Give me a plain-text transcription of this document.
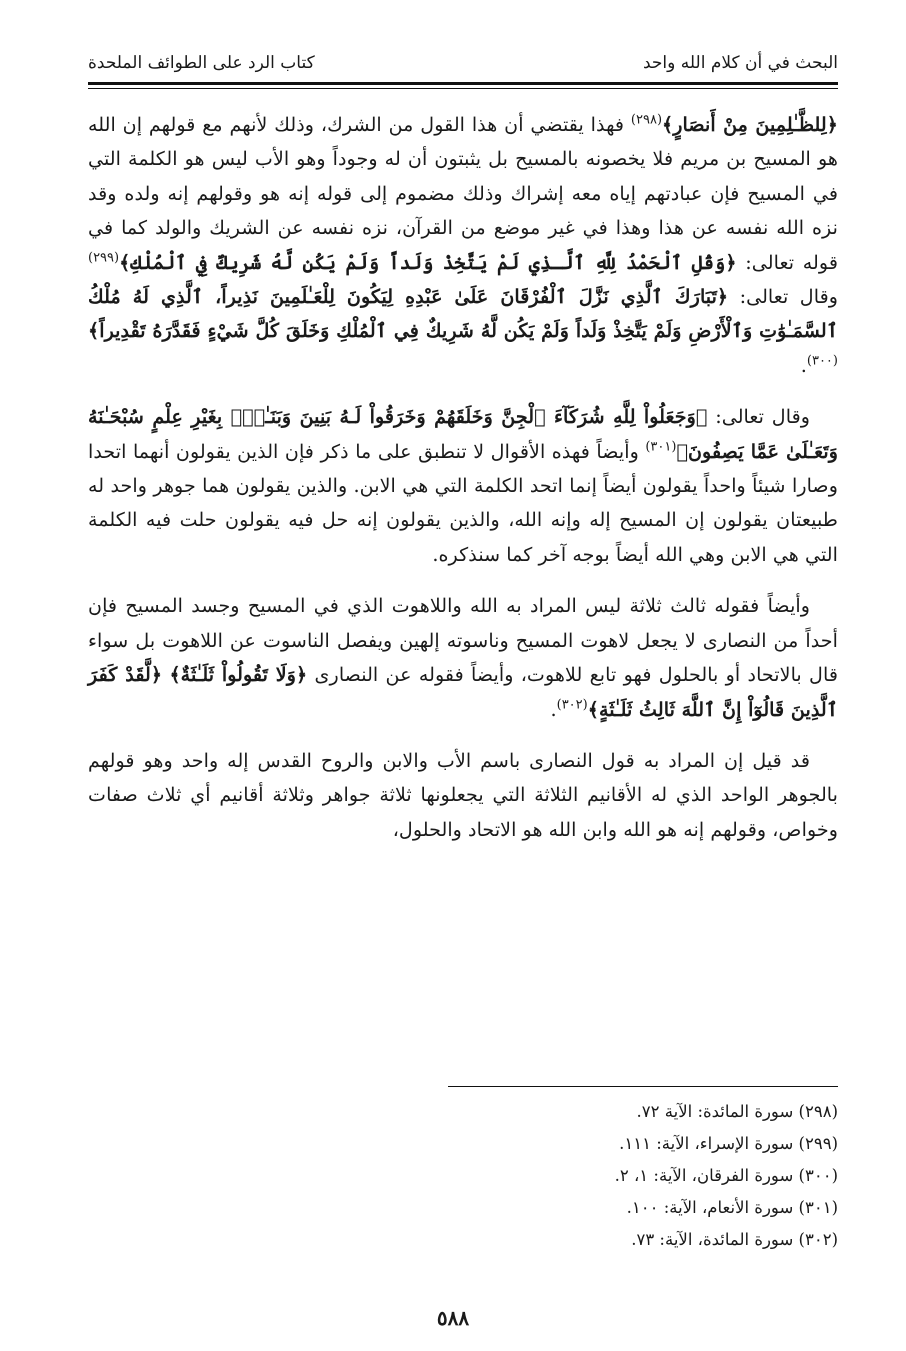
البحث في أن كلام الله واحد
كتاب الرد على الطوائف الملحدة

﴿لِلظَّـٰلِمِينَ مِنْ أَنصَارٍ﴾$^{(٢٩٨)}$ فهذا يقتضي أن هذا القول من الشرك، وذلك لأنهم مع قولهم إن الله هو المسيح بن مريم فلا يخصونه بالمسيح بل يثبتون أن له وجوداً وهو الأب ليس هو الكلمة التي في المسيح فإن عبادتهم إياه معه إشراك وذلك مضموم إلى قوله إنه هو وقولهم إنه ولده وقد نزه الله نفسه عن هذا وهذا في غير موضع من القرآن، نزه نفسه عن الشريك والولد كما في قوله تعالى: ﴿وَقُلِ ٱلْحَمْدُ لِلَّهِ ٱلَّـذِي لَمْ يَتَّخِذْ وَلَداً وَلَمْ يَكُن لَّهُ شَرِيكٌ فِي ٱلْمُلْكِ﴾$^{(٢٩٩)}$ وقال تعالى: ﴿تَبَارَكَ ٱلَّذِي نَزَّلَ ٱلْفُرْقَانَ عَلَىٰ عَبْدِهِ لِيَكُونَ لِلْعَـٰلَمِينَ نَذِيراً، ٱلَّذِي لَهُ مُلْكُ ٱلسَّمَـٰوَٰتِ وَٱلْأَرْضِ وَلَمْ يَتَّخِذْ وَلَداً وَلَمْ يَكُن لَّهُ شَرِيكٌ فِي ٱلْمُلْكِ وَخَلَقَ كُلَّ شَيْءٍ فَقَدَّرَهُ تَقْدِيراً﴾$^{(٣٠٠)}$.

وقال تعالى: ﴿وَجَعَلُواْ لِلَّهِ شُرَكَآءَ ٱلْجِنَّ وَخَلَقَهُمْ وَخَرَقُواْ لَـهُ بَنِينَ وَبَنَـٰتٍۭ بِغَيْرِ عِلْمٍ سُبْحَـٰنَهُ وَتَعَـٰلَىٰ عَمَّا يَصِفُونَ﴾$^{(٣٠١)}$ وأيضاً فهذه الأقوال لا تنطبق على ما ذكر فإن الذين يقولون أنهما اتحدا وصارا شيئاً واحداً يقولون أيضاً إنما اتحد الكلمة التي هي الابن. والذين يقولون هما جوهر واحد له طبيعتان يقولون إن المسيح إله وإنه الله، والذين يقولون إنه حل فيه يقولون حلت فيه الكلمة التي هي الابن وهي الله أيضاً بوجه آخر كما سنذكره.

وأيضاً فقوله ثالث ثلاثة ليس المراد به الله واللاهوت الذي في المسيح وجسد المسيح فإن أحداً من النصارى لا يجعل لاهوت المسيح وناسوته إلهين ويفصل الناسوت عن اللاهوت بل سواء قال بالاتحاد أو بالحلول فهو تابع للاهوت، وأيضاً فقوله عن النصارى ﴿وَلَا تَقُولُواْ ثَلَـٰثَةٌ﴾ ﴿لَّقَدْ كَفَرَ ٱلَّذِينَ قَالُوٓاْ إِنَّ ٱللَّهَ ثَالِثُ ثَلَـٰثَةٍ﴾$^{(٣٠٢)}$.

قد قيل إن المراد به قول النصارى باسم الأب والابن والروح القدس إله واحد وهو قولهم بالجوهر الواحد الذي له الأقانيم الثلاثة التي يجعلونها ثلاثة جواهر وثلاثة أقانيم أي ثلاث صفات وخواص، وقولهم إنه هو الله وابن الله هو الاتحاد والحلول،

(٢٩٨) سورة المائدة: الآية ٧٢.

(٢٩٩) سورة الإسراء، الآية: ١١١.

(٣٠٠) سورة الفرقان، الآية: ١، ٢.

(٣٠١) سورة الأنعام، الآية: ١٠٠.

(٣٠٢) سورة المائدة، الآية: ٧٣.

٥٨٨
